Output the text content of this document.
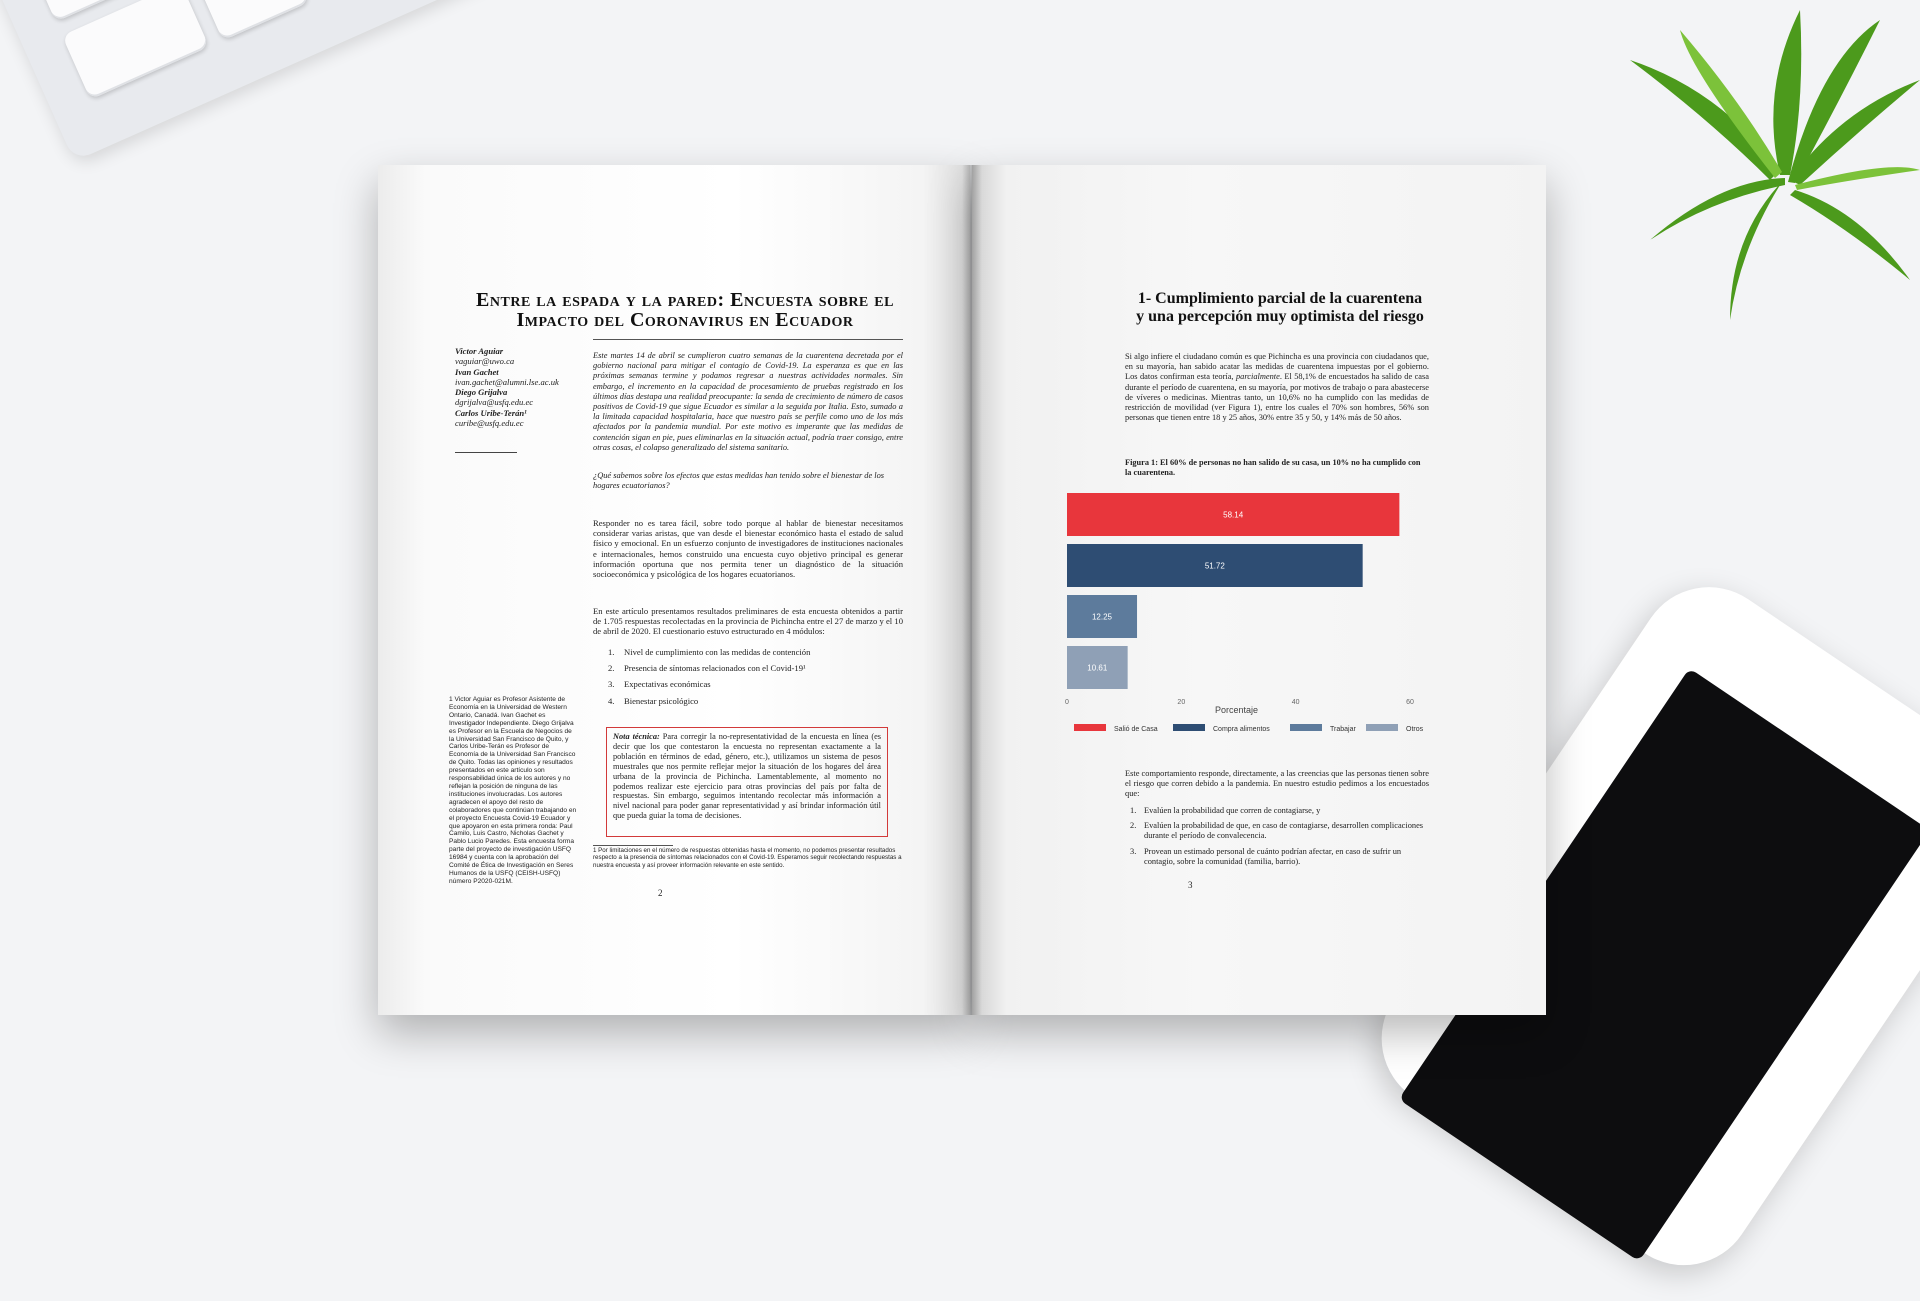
Entre la espada y la pared: Encuesta sobre el
Impacto del Coronavirus en Ecuador
Victor Aguiar
vaguiar@uwo.ca
Ivan Gachet
ivan.gachet@alumni.lse.ac.uk
Diego Grijalva
dgrijalva@usfq.edu.ec
Carlos Uribe-Terán¹
curibe@usfq.edu.ec

Este martes 14 de abril se cumplieron cuatro semanas de la cuarentena decretada por el gobierno nacional para mitigar el contagio de Covid-19. La esperanza es que en las próximas semanas termine y podamos regresar a nuestras actividades normales. Sin embargo, el incremento en la capacidad de procesamiento de pruebas registrado en los últimos días destapa una realidad preocupante: la senda de crecimiento de número de casos positivos de Covid-19 que sigue Ecuador es similar a la seguida por Italia. Esto, sumado a la limitada capacidad hospitalaria, hace que nuestro país se perfile como uno de los más afectados por la pandemia mundial. Por este motivo es imperante que las medidas de contención sigan en pie, pues eliminarlas en la situación actual, podría traer consigo, entre otras cosas, el colapso generalizado del sistema sanitario.

¿Qué sabemos sobre los efectos que estas medidas han tenido sobre el bienestar de los hogares ecuatorianos?

Responder no es tarea fácil, sobre todo porque al hablar de bienestar necesitamos considerar varias aristas, que van desde el bienestar económico hasta el estado de salud físico y emocional. En un esfuerzo conjunto de investigadores de instituciones nacionales e internacionales, hemos construido una encuesta cuyo objetivo principal es generar información oportuna que nos permita tener un diagnóstico de la situación socioeconómica y psicológica de los hogares ecuatorianos.

En este artículo presentamos resultados preliminares de esta encuesta obtenidos a partir de 1.705 respuestas recolectadas en la provincia de Pichincha entre el 27 de marzo y el 10 de abril de 2020. El cuestionario estuvo estructurado en 4 módulos:

1. Nivel de cumplimiento con las medidas de contención
2. Presencia de síntomas relacionados con el Covid-19¹
3. Expectativas económicas
4. Bienestar psicológico

1 Victor Aguiar es Profesor Asistente de Economía en la Universidad de Western Ontario, Canadá. Ivan Gachet es Investigador Independiente. Diego Grijalva es Profesor en la Escuela de Negocios de la Universidad San Francisco de Quito, y Carlos Uribe-Terán es Profesor de Economía de la Universidad San Francisco de Quito. Todas las opiniones y resultados presentados en este artículo son responsabilidad única de los autores y no reflejan la posición de ninguna de las instituciones involucradas. Los autores agradecen el apoyo del resto de colaboradores que continúan trabajando en el proyecto Encuesta Covid-19 Ecuador y que apoyaron en esta primera ronda: Paul Camilo, Luis Castro, Nicholas Gachet y Pablo Lucio Paredes. Esta encuesta forma parte del proyecto de investigación USFQ 16984 y cuenta con la aprobación del Comité de Ética de Investigación en Seres Humanos de la USFQ (CEISH-USFQ) número P2020-021M.

Nota técnica: Para corregir la no-representatividad de la encuesta en línea (es decir que los que contestaron la encuesta no representan exactamente a la población en términos de edad, género, etc.), utilizamos un sistema de pesos muestrales que nos permite reflejar mejor la situación de los hogares del área urbana de la provincia de Pichincha. Lamentablemente, al momento no podemos realizar este ejercicio para otras provincias del país por falta de respuestas. Sin embargo, seguimos intentando recolectar más información a nivel nacional para poder ganar representatividad y así brindar información útil que pueda guiar la toma de decisiones.

1 Por limitaciones en el número de respuestas obtenidas hasta el momento, no podemos presentar resultados respecto a la presencia de síntomas relacionados con el Covid-19. Esperamos seguir recolectando respuestas a nuestra encuesta y así proveer información relevante en este sentido.

2
1- Cumplimiento parcial de la cuarentena
y una percepción muy optimista del riesgo

Si algo infiere el ciudadano común es que Pichincha es una provincia con ciudadanos que, en su mayoría, han sabido acatar las medidas de cuarentena impuestas por el gobierno. Los datos confirman esta teoría, parcialmente. El 58,1% de encuestados ha salido de casa durante el período de cuarentena, en su mayoría, por motivos de trabajo o para abastecerse de víveres o medicinas. Mientras tanto, un 10,6% no ha cumplido con las medidas de restricción de movilidad (ver Figura 1), entre los cuales el 70% son hombres, 56% son personas que tienen entre 18 y 25 años, 30% entre 35 y 50, y 14% más de 50 años.

Figura 1: El 60% de personas no han salido de su casa, un 10% no ha cumplido con la cuarentena.

58.14
51.72
12.25
10.61
0	20	40	60
Porcentaje
Salió de Casa	Compra alimentos	Trabajar	Otros

Este comportamiento responde, directamente, a las creencias que las personas tienen sobre el riesgo que corren debido a la pandemia. En nuestro estudio pedimos a los encuestados que:

1. Evalúen la probabilidad que corren de contagiarse, y
2. Evalúen la probabilidad de que, en caso de contagiarse, desarrollen complicaciones durante el período de convalecencia.
3. Provean un estimado personal de cuánto podrían afectar, en caso de sufrir un contagio, sobre la comunidad (familia, barrio).
3
